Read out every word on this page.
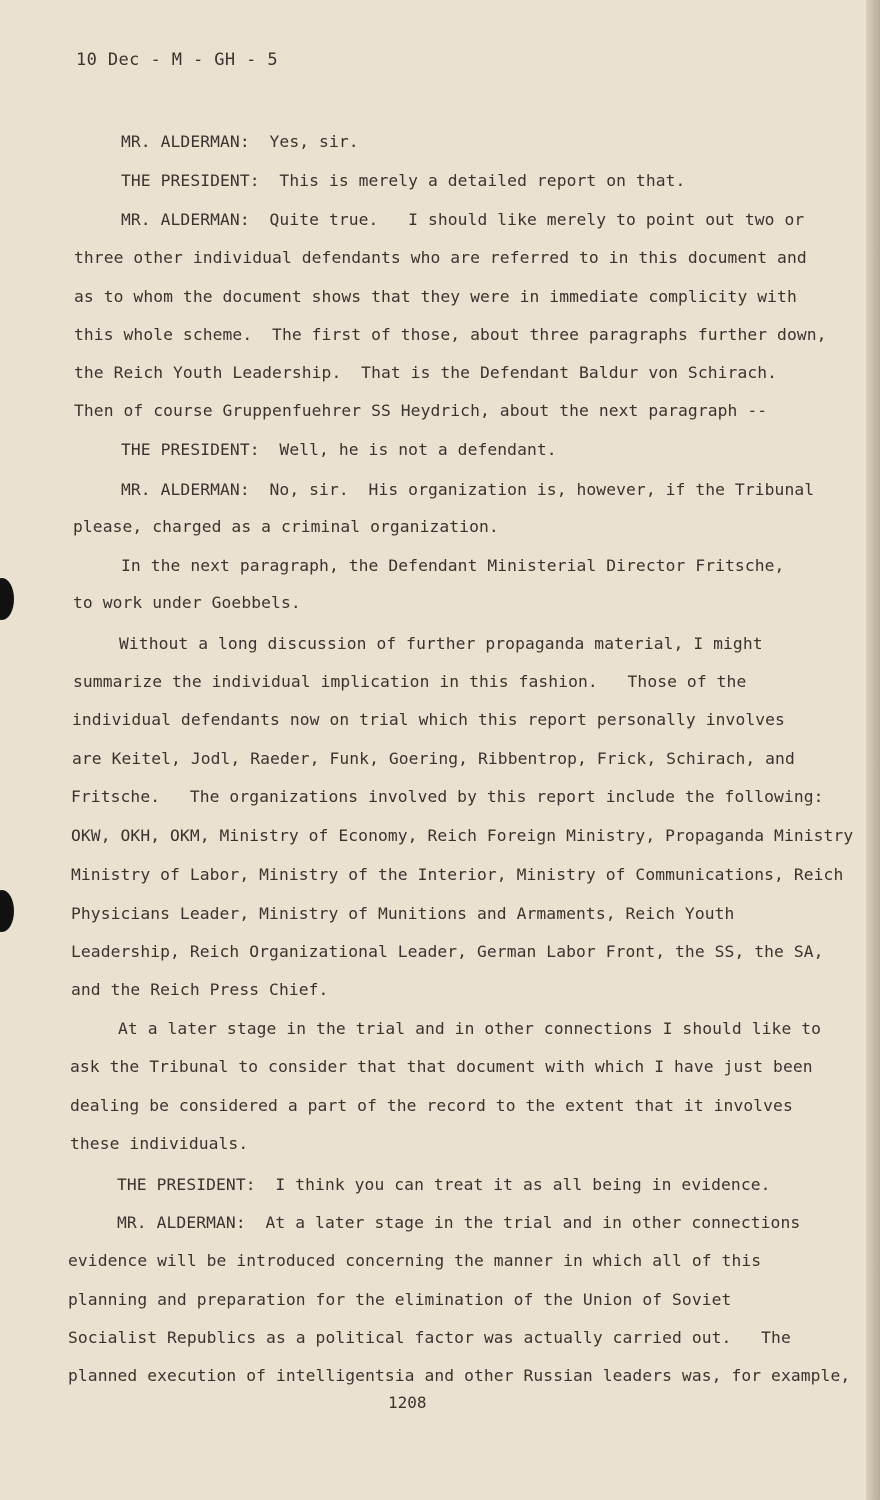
10 Dec - M - GH - 5
MR. ALDERMAN:  Yes, sir.
THE PRESIDENT:  This is merely a detailed report on that.
MR. ALDERMAN:  Quite true.   I should like merely to point out two or
three other individual defendants who are referred to in this document and
as to whom the document shows that they were in immediate complicity with
this whole scheme.  The first of those, about three paragraphs further down,
the Reich Youth Leadership.  That is the Defendant Baldur von Schirach.
Then of course Gruppenfuehrer SS Heydrich, about the next paragraph --
THE PRESIDENT:  Well, he is not a defendant.
MR. ALDERMAN:  No, sir.  His organization is, however, if the Tribunal
please, charged as a criminal organization.
In the next paragraph, the Defendant Ministerial Director Fritsche,
to work under Goebbels.
Without a long discussion of further propaganda material, I might
summarize the individual implication in this fashion.   Those of the
individual defendants now on trial which this report personally involves
are Keitel, Jodl, Raeder, Funk, Goering, Ribbentrop, Frick, Schirach, and
Fritsche.   The organizations involved by this report include the following:
OKW, OKH, OKM, Ministry of Economy, Reich Foreign Ministry, Propaganda Ministry
Ministry of Labor, Ministry of the Interior, Ministry of Communications, Reich
Physicians Leader, Ministry of Munitions and Armaments, Reich Youth
Leadership, Reich Organizational Leader, German Labor Front, the SS, the SA,
and the Reich Press Chief.
At a later stage in the trial and in other connections I should like to
ask the Tribunal to consider that that document with which I have just been
dealing be considered a part of the record to the extent that it involves
these individuals.
THE PRESIDENT:  I think you can treat it as all being in evidence.
MR. ALDERMAN:  At a later stage in the trial and in other connections
evidence will be introduced concerning the manner in which all of this
planning and preparation for the elimination of the Union of Soviet
Socialist Republics as a political factor was actually carried out.   The
planned execution of intelligentsia and other Russian leaders was, for example,
1208
